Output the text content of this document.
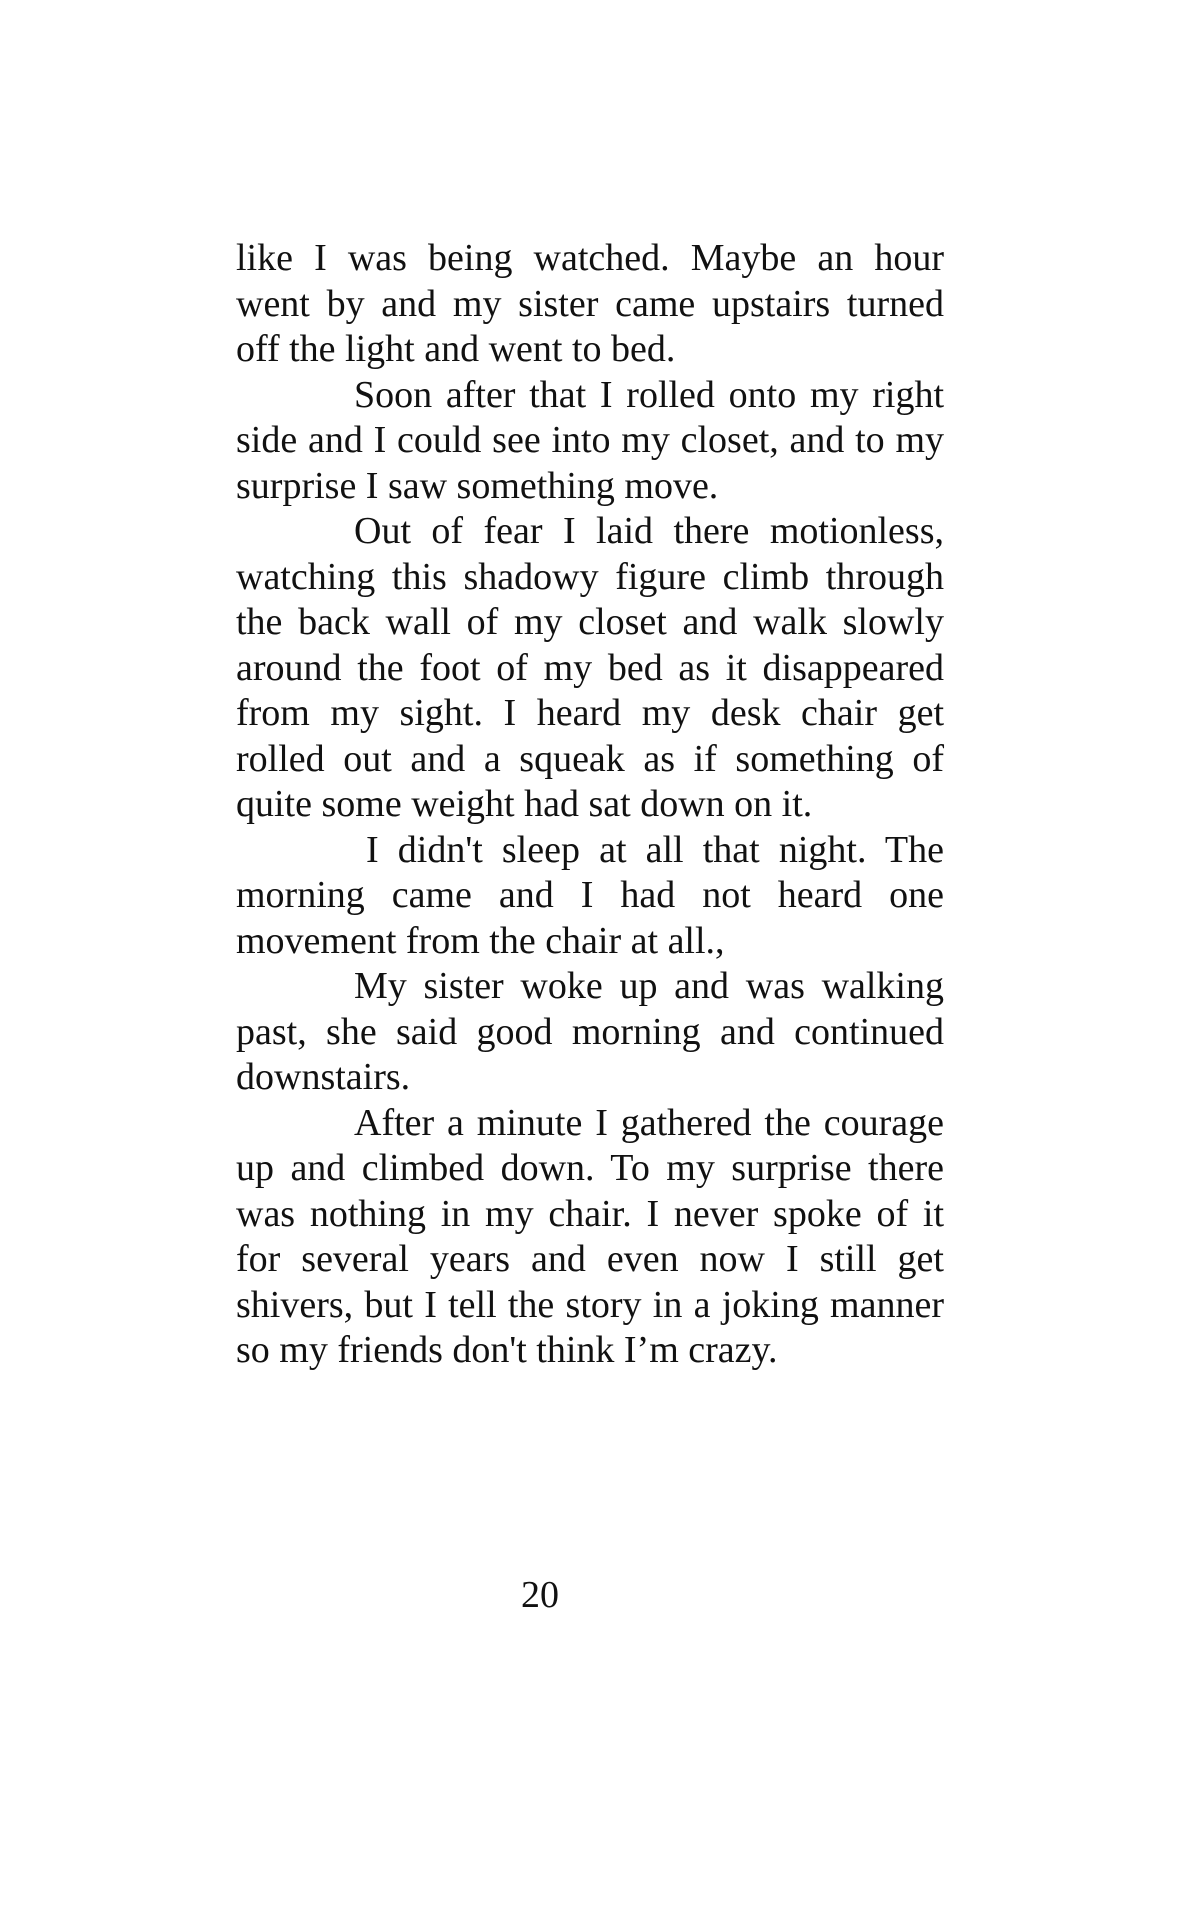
like I was being watched. Maybe an hour went by and my sister came upstairs turned off the light and went to bed.

Soon after that I rolled onto my right side and I could see into my closet, and to my surprise I saw something move.

Out of fear I laid there motionless, watching this shadowy figure climb through the back wall of my closet and walk slowly around the foot of my bed as it disappeared from my sight. I heard my desk chair get rolled out and a squeak as if something of quite some weight had sat down on it.

I didn't sleep at all that night. The morning came and I had not heard one movement from the chair at all.,

My sister woke up and was walking past, she said good morning and continued downstairs.

After a minute I gathered the courage up and climbed down. To my surprise there was nothing in my chair. I never spoke of it for several years and even now I still get shivers, but I tell the story in a joking manner so my friends don't think I’m crazy.

20
